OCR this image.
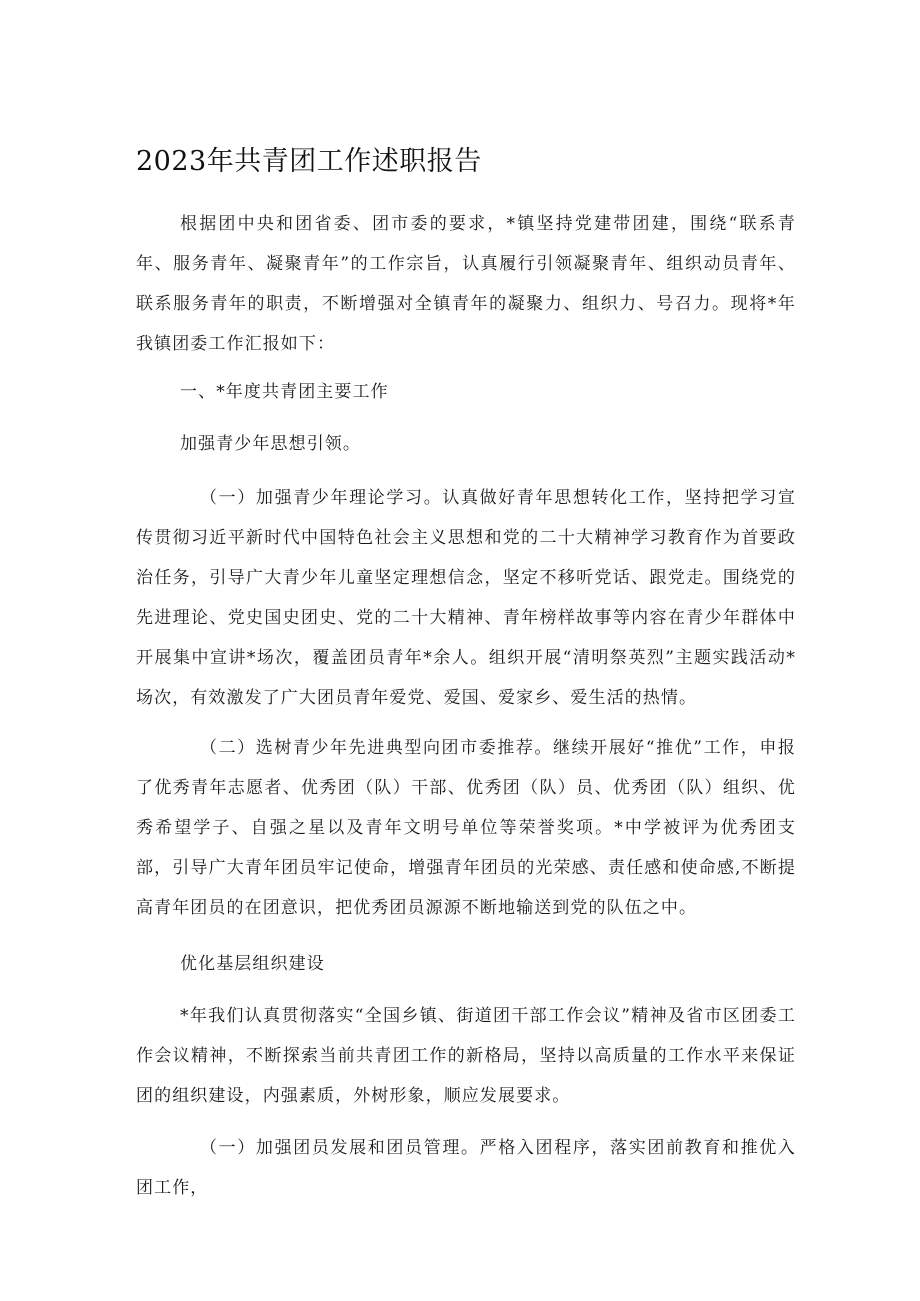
2023年共青团工作述职报告

根据团中央和团省委、团市委的要求，*镇坚持党建带团建，围绕“联系青年、服务青年、凝聚青年”的工作宗旨，认真履行引领凝聚青年、组织动员青年、联系服务青年的职责，不断增强对全镇青年的凝聚力、组织力、号召力。现将*年我镇团委工作汇报如下：

一、*年度共青团主要工作

加强青少年思想引领。

（一）加强青少年理论学习。认真做好青年思想转化工作，坚持把学习宣传贯彻习近平新时代中国特色社会主义思想和党的二十大精神学习教育作为首要政治任务，引导广大青少年儿童坚定理想信念，坚定不移听党话、跟党走。围绕党的先进理论、党史国史团史、党的二十大精神、青年榜样故事等内容在青少年群体中开展集中宣讲*场次，覆盖团员青年*余人。组织开展“清明祭英烈”主题实践活动*场次，有效激发了广大团员青年爱党、爱国、爱家乡、爱生活的热情。

（二）选树青少年先进典型向团市委推荐。继续开展好“推优”工作，申报了优秀青年志愿者、优秀团（队）干部、优秀团（队）员、优秀团（队）组织、优秀希望学子、自强之星以及青年文明号单位等荣誉奖项。*中学被评为优秀团支部，引导广大青年团员牢记使命，增强青年团员的光荣感、责任感和使命感,不断提高青年团员的在团意识，把优秀团员源源不断地输送到党的队伍之中。

优化基层组织建设

*年我们认真贯彻落实“全国乡镇、街道团干部工作会议”精神及省市区团委工作会议精神，不断探索当前共青团工作的新格局，坚持以高质量的工作水平来保证团的组织建设，内强素质，外树形象，顺应发展要求。

（一）加强团员发展和团员管理。严格入团程序，落实团前教育和推优入团工作，
